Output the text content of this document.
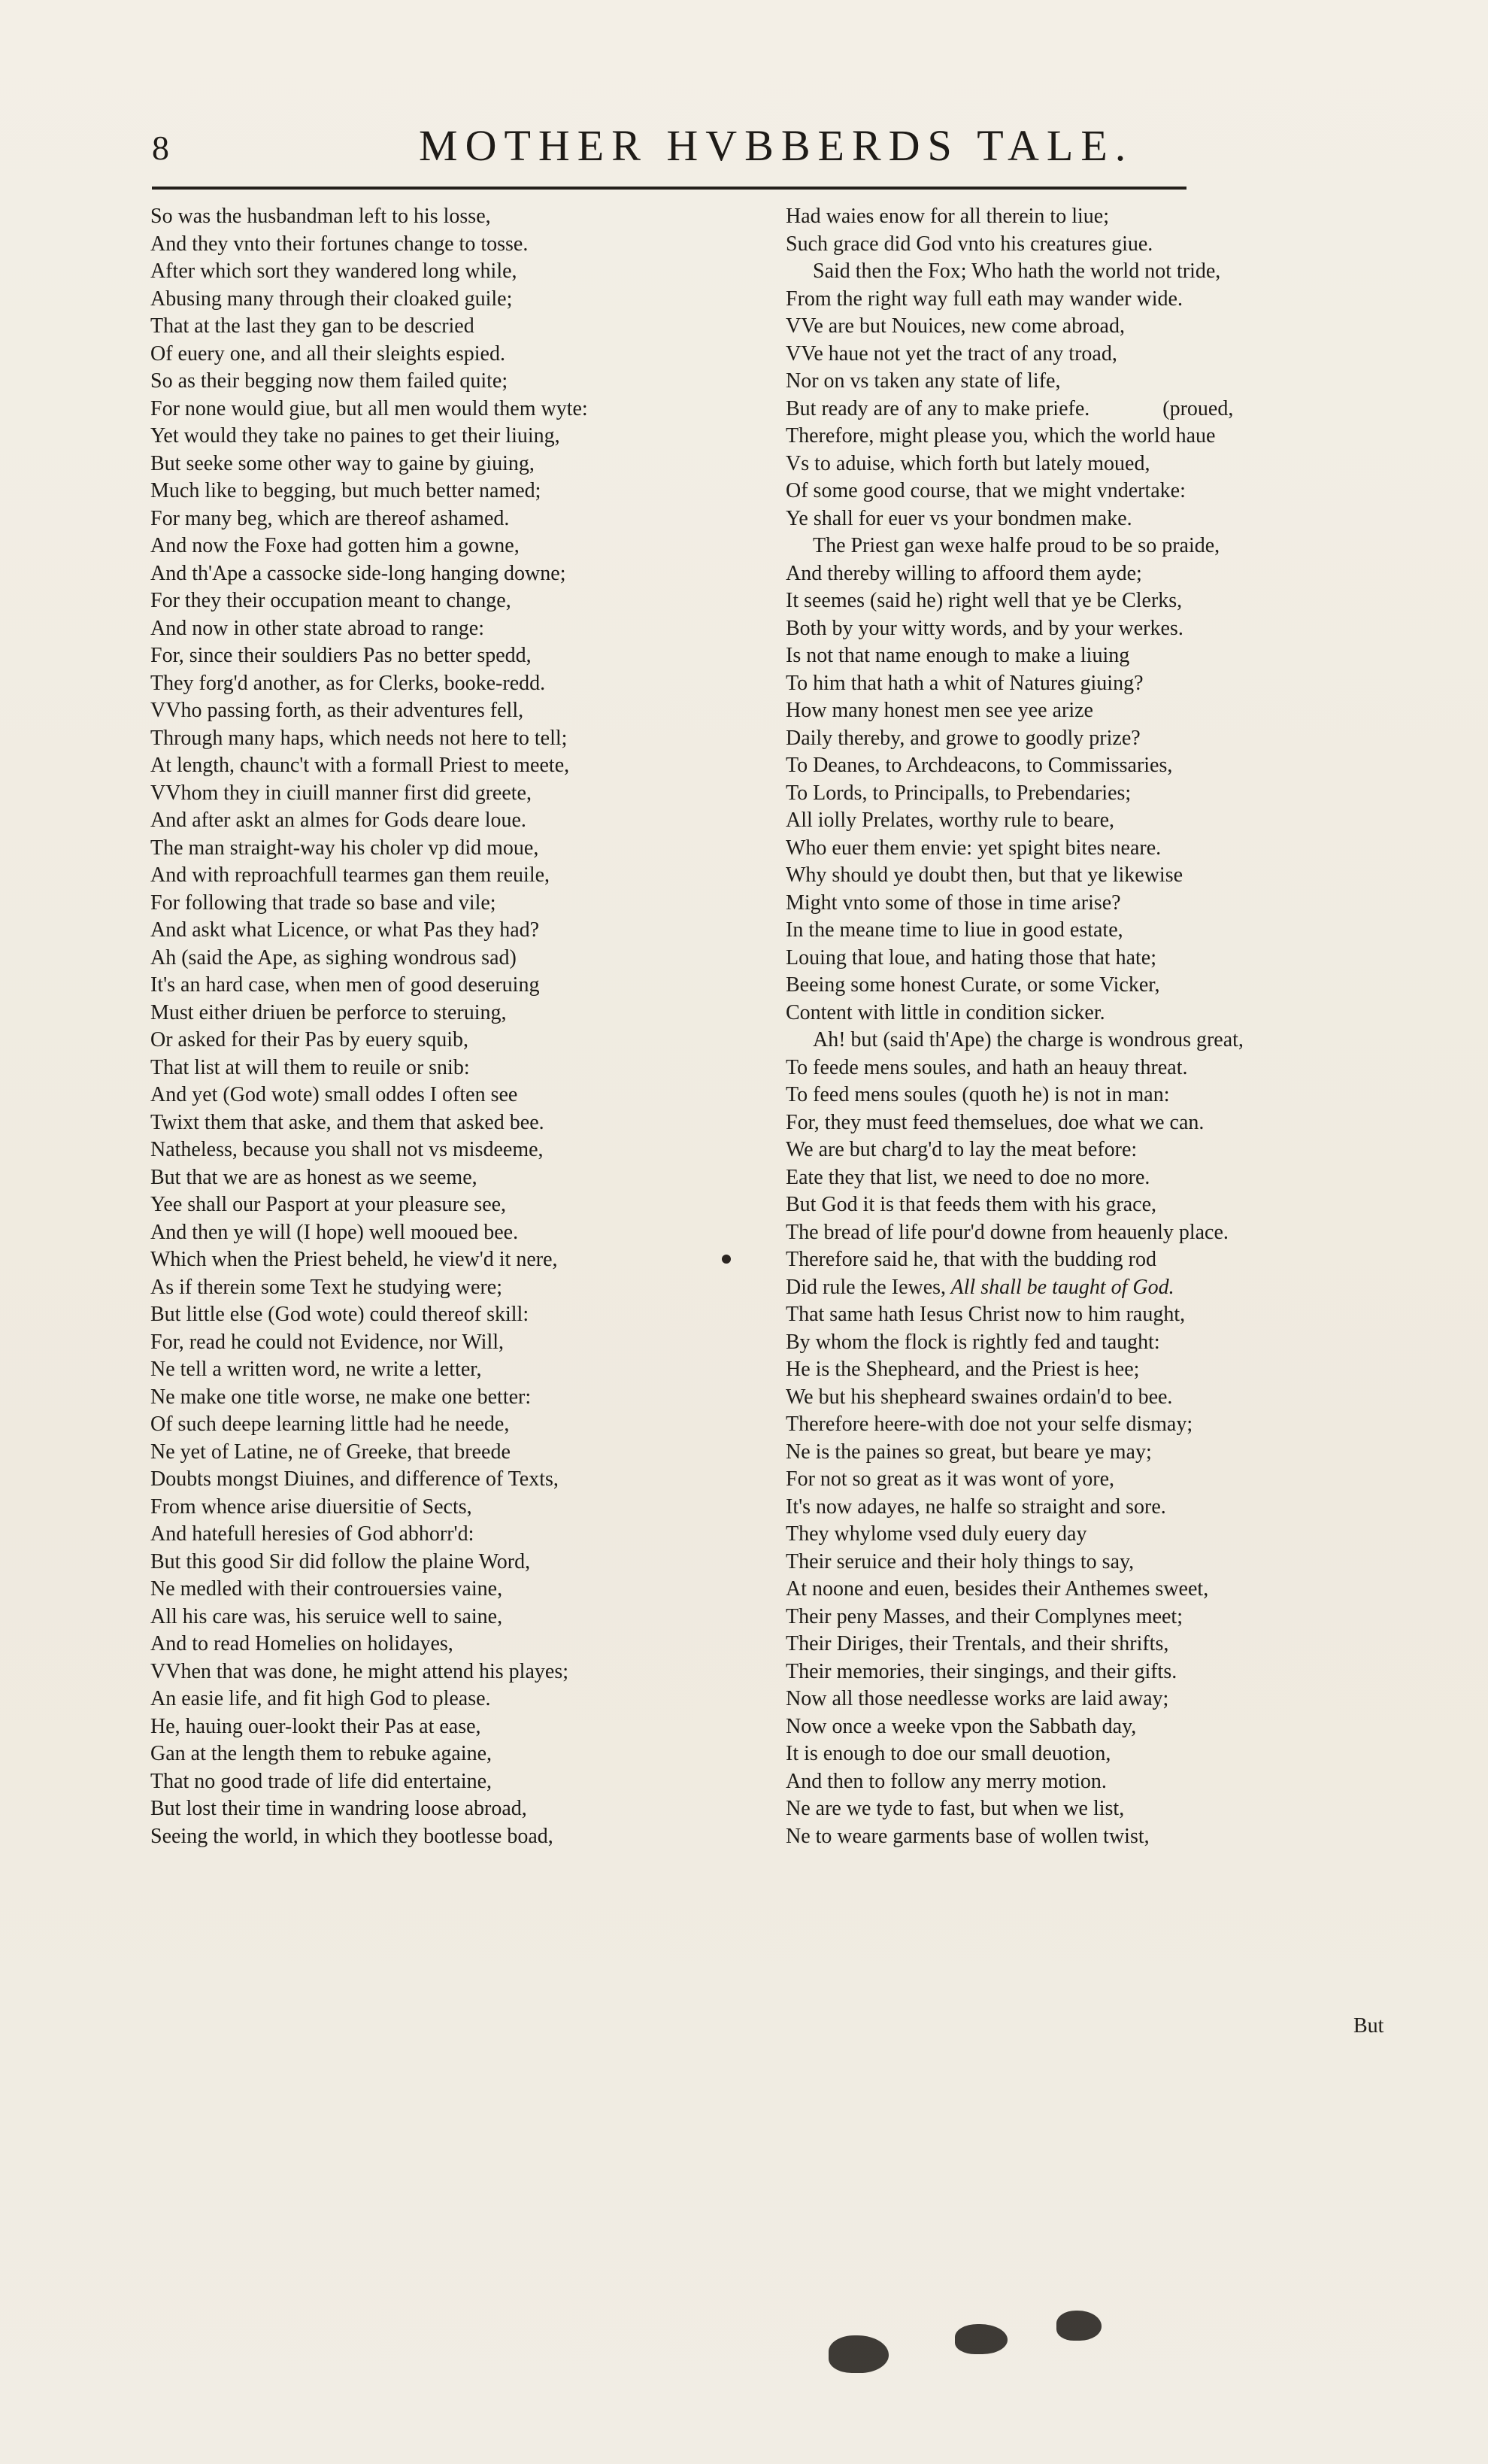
8	MOTHER HVBBERDS TALE.
So was the husbandman left to his losse,
And they vnto their fortunes change to tosse.
After which sort they wandered long while,
Abusing many through their cloaked guile;
That at the last they gan to be descried
Of euery one, and all their sleights espied.
So as their begging now them failed quite;
For none would giue, but all men would them wyte:
Yet would they take no paines to get their liuing,
But seeke some other way to gaine by giuing,
Much like to begging, but much better named;
For many beg, which are thereof ashamed.
And now the Foxe had gotten him a gowne,
And th'Ape a cassocke side-long hanging downe;
For they their occupation meant to change,
And now in other state abroad to range:
For, since their souldiers Pas no better spedd,
They forg'd another, as for Clerks, booke-redd.
VVho passing forth, as their adventures fell,
Through many haps, which needs not here to tell;
At length, chaunc't with a formall Priest to meete,
VVhom they in ciuill manner first did greete,
And after askt an almes for Gods deare loue.
The man straight-way his choler vp did moue,
And with reproachfull tearmes gan them reuile,
For following that trade so base and vile;
And askt what Licence, or what Pas they had?
Ah (said the Ape, as sighing wondrous sad)
It's an hard case, when men of good deseruing
Must either driuen be perforce to steruing,
Or asked for their Pas by euery squib,
That list at will them to reuile or snib:
And yet (God wote) small oddes I often see
Twixt them that aske, and them that asked bee.
Natheless, because you shall not vs misdeeme,
But that we are as honest as we seeme,
Yee shall our Pasport at your pleasure see,
And then ye will (I hope) well mooued bee.
Which when the Priest beheld, he view'd it nere,
As if therein some Text he studying were;
But little else (God wote) could thereof skill:
For, read he could not Evidence, nor Will,
Ne tell a written word, ne write a letter,
Ne make one title worse, ne make one better:
Of such deepe learning little had he neede,
Ne yet of Latine, ne of Greeke, that breede
Doubts mongst Diuines, and difference of Texts,
From whence arise diuersitie of Sects,
And hatefull heresies of God abhorr'd:
But this good Sir did follow the plaine Word,
Ne medled with their controuersies vaine,
All his care was, his seruice well to saine,
And to read Homelies on holidayes,
VVhen that was done, he might attend his playes;
An easie life, and fit high God to please.
He, hauing ouer-lookt their Pas at ease,
Gan at the length them to rebuke againe,
That no good trade of life did entertaine,
But lost their time in wandring loose abroad,
Seeing the world, in which they bootlesse boad,
Had waies enow for all therein to liue;
Such grace did God vnto his creatures giue.
Said then the Fox; Who hath the world not tride,
From the right way full eath may wander wide.
VVe are but Nouices, new come abroad,
VVe haue not yet the tract of any troad,
Nor on vs taken any state of life,
But ready are of any to make priefe.	(proued,
Therefore, might please you, which the world haue
Vs to aduise, which forth but lately moued,
Of some good course, that we might vndertake:
Ye shall for euer vs your bondmen make.
The Priest gan wexe halfe proud to be so praide,
And thereby willing to affoord them ayde;
It seemes (said he) right well that ye be Clerks,
Both by your witty words, and by your werkes.
Is not that name enough to make a liuing
To him that hath a whit of Natures giuing?
How many honest men see yee arize
Daily thereby, and growe to goodly prize?
To Deanes, to Archdeacons, to Commissaries,
To Lords, to Principalls, to Prebendaries;
All iolly Prelates, worthy rule to beare,
Who euer them envie: yet spight bites neare.
Why should ye doubt then, but that ye likewise
Might vnto some of those in time arise?
In the meane time to liue in good estate,
Louing that loue, and hating those that hate;
Beeing some honest Curate, or some Vicker,
Content with little in condition sicker.
Ah! but (said th'Ape) the charge is wondrous great,
To feede mens soules, and hath an heauy threat.
To feed mens soules (quoth he) is not in man:
For, they must feed themselues, doe what we can.
We are but charg'd to lay the meat before:
Eate they that list, we need to doe no more.
But God it is that feeds them with his grace,
The bread of life pour'd downe from heauenly place.
Therefore said he, that with the budding rod
Did rule the Iewes, All shall be taught of God.
That same hath Iesus Christ now to him raught,
By whom the flock is rightly fed and taught:
He is the Shepheard, and the Priest is hee;
We but his shepheard swaines ordain'd to bee.
Therefore heere-with doe not your selfe dismay;
Ne is the paines so great, but beare ye may;
For not so great as it was wont of yore,
It's now adayes, ne halfe so straight and sore.
They whylome vsed duly euery day
Their seruice and their holy things to say,
At noone and euen, besides their Anthemes sweet,
Their peny Masses, and their Complynes meet;
Their Diriges, their Trentals, and their shrifts,
Their memories, their singings, and their gifts.
Now all those needlesse works are laid away;
Now once a weeke vpon the Sabbath day,
It is enough to doe our small deuotion,
And then to follow any merry motion.
Ne are we tyde to fast, but when we list,
Ne to weare garments base of wollen twist,
But
